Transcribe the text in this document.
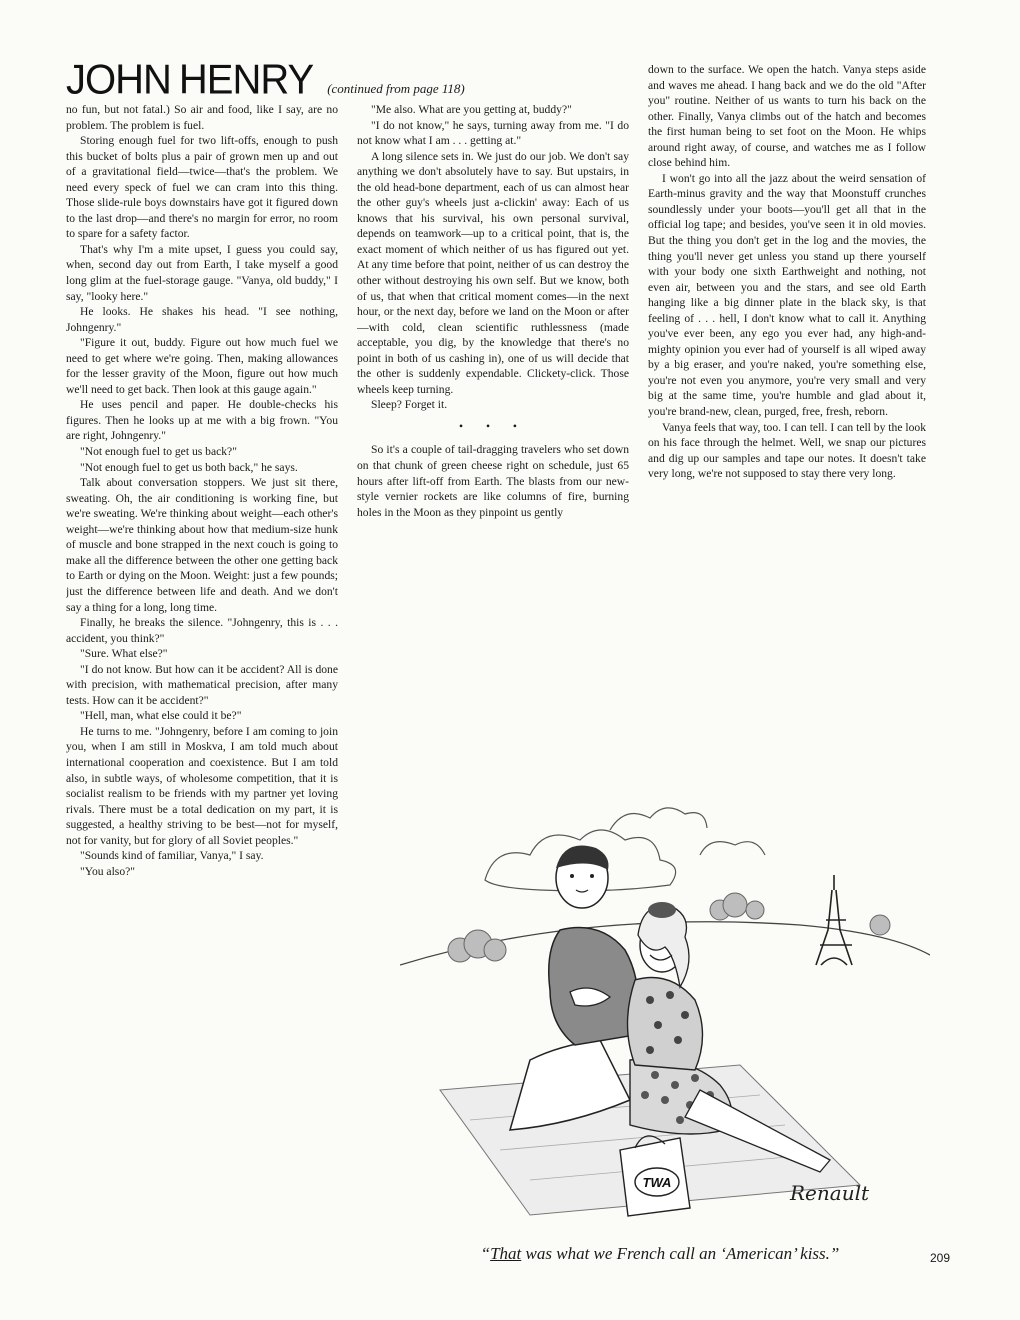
JOHN HENRY (continued from page 118)

no fun, but not fatal.) So air and food, like I say, are no problem. The problem is fuel.

Storing enough fuel for two lift-offs, enough to push this bucket of bolts plus a pair of grown men up and out of a gravitational field—twice—that's the problem. We need every speck of fuel we can cram into this thing. Those slide-rule boys downstairs have got it figured down to the last drop—and there's no margin for error, no room to spare for a safety factor.

That's why I'm a mite upset, I guess you could say, when, second day out from Earth, I take myself a good long glim at the fuel-storage gauge. "Vanya, old buddy," I say, "looky here."

He looks. He shakes his head. "I see nothing, Johngenry."

"Figure it out, buddy. Figure out how much fuel we need to get where we're going. Then, making allowances for the lesser gravity of the Moon, figure out how much we'll need to get back. Then look at this gauge again."

He uses pencil and paper. He double-checks his figures. Then he looks up at me with a big frown. "You are right, Johngenry."

"Not enough fuel to get us back?"

"Not enough fuel to get us both back," he says.

Talk about conversation stoppers. We just sit there, sweating. Oh, the air conditioning is working fine, but we're sweating. We're thinking about weight—each other's weight—we're thinking about how that medium-size hunk of muscle and bone strapped in the next couch is going to make all the difference between the other one getting back to Earth or dying on the Moon. Weight: just a few pounds; just the difference between life and death. And we don't say a thing for a long, long time.

Finally, he breaks the silence. "Johngenry, this is . . . accident, you think?"

"Sure. What else?"

"I do not know. But how can it be accident? All is done with precision, with mathematical precision, after many tests. How can it be accident?"

"Hell, man, what else could it be?"

He turns to me. "Johngenry, before I am coming to join you, when I am still in Moskva, I am told much about international cooperation and coexistence. But I am told also, in subtle ways, of wholesome competition, that it is socialist realism to be friends with my partner yet loving rivals. There must be a total dedication on my part, it is suggested, a healthy striving to be best—not for myself, not for vanity, but for glory of all Soviet peoples."

"Sounds kind of familiar, Vanya," I say.

"You also?"

"Me also. What are you getting at, buddy?"

"I do not know," he says, turning away from me. "I do not know what I am . . . getting at."

A long silence sets in. We just do our job. We don't say anything we don't absolutely have to say. But upstairs, in the old head-bone department, each of us can almost hear the other guy's wheels just a-clickin' away: Each of us knows that his survival, his own personal survival, depends on teamwork—up to a critical point, that is, the exact moment of which neither of us has figured out yet. At any time before that point, neither of us can destroy the other without destroying his own self. But we know, both of us, that when that critical moment comes—in the next hour, or the next day, before we land on the Moon or after—with cold, clean scientific ruthlessness (made acceptable, you dig, by the knowledge that there's no point in both of us cashing in), one of us will decide that the other is suddenly expendable. Clickety-click. Those wheels keep turning.

Sleep? Forget it.

• • •

So it's a couple of tail-dragging travelers who set down on that chunk of green cheese right on schedule, just 65 hours after lift-off from Earth. The blasts from our new-style vernier rockets are like columns of fire, burning holes in the Moon as they pinpoint us gently

down to the surface. We open the hatch. Vanya steps aside and waves me ahead. I hang back and we do the old "After you" routine. Neither of us wants to turn his back on the other. Finally, Vanya climbs out of the hatch and becomes the first human being to set foot on the Moon. He whips around right away, of course, and watches me as I follow close behind him.

I won't go into all the jazz about the weird sensation of Earth-minus gravity and the way that Moonstuff crunches soundlessly under your boots—you'll get all that in the official log tape; and besides, you've seen it in old movies. But the thing you don't get in the log and the movies, the thing you'll never get unless you stand up there yourself with your body one sixth Earthweight and nothing, not even air, between you and the stars, and see old Earth hanging like a big dinner plate in the black sky, is that feeling of . . . hell, I don't know what to call it. Anything you've ever been, any ego you ever had, any high-and-mighty opinion you ever had of yourself is all wiped away by a big eraser, and you're naked, you're something else, you're not even you anymore, you're very small and very big at the same time, you're humble and glad about it, you're brand-new, clean, purged, free, fresh, reborn.

Vanya feels that way, too. I can tell. I can tell by the look on his face through the helmet. Well, we snap our pictures and dig up our samples and tape our notes. It doesn't take very long, we're not supposed to stay there very long.

TWA	Renault
“That was what we French call an ‘American’ kiss.”	209
